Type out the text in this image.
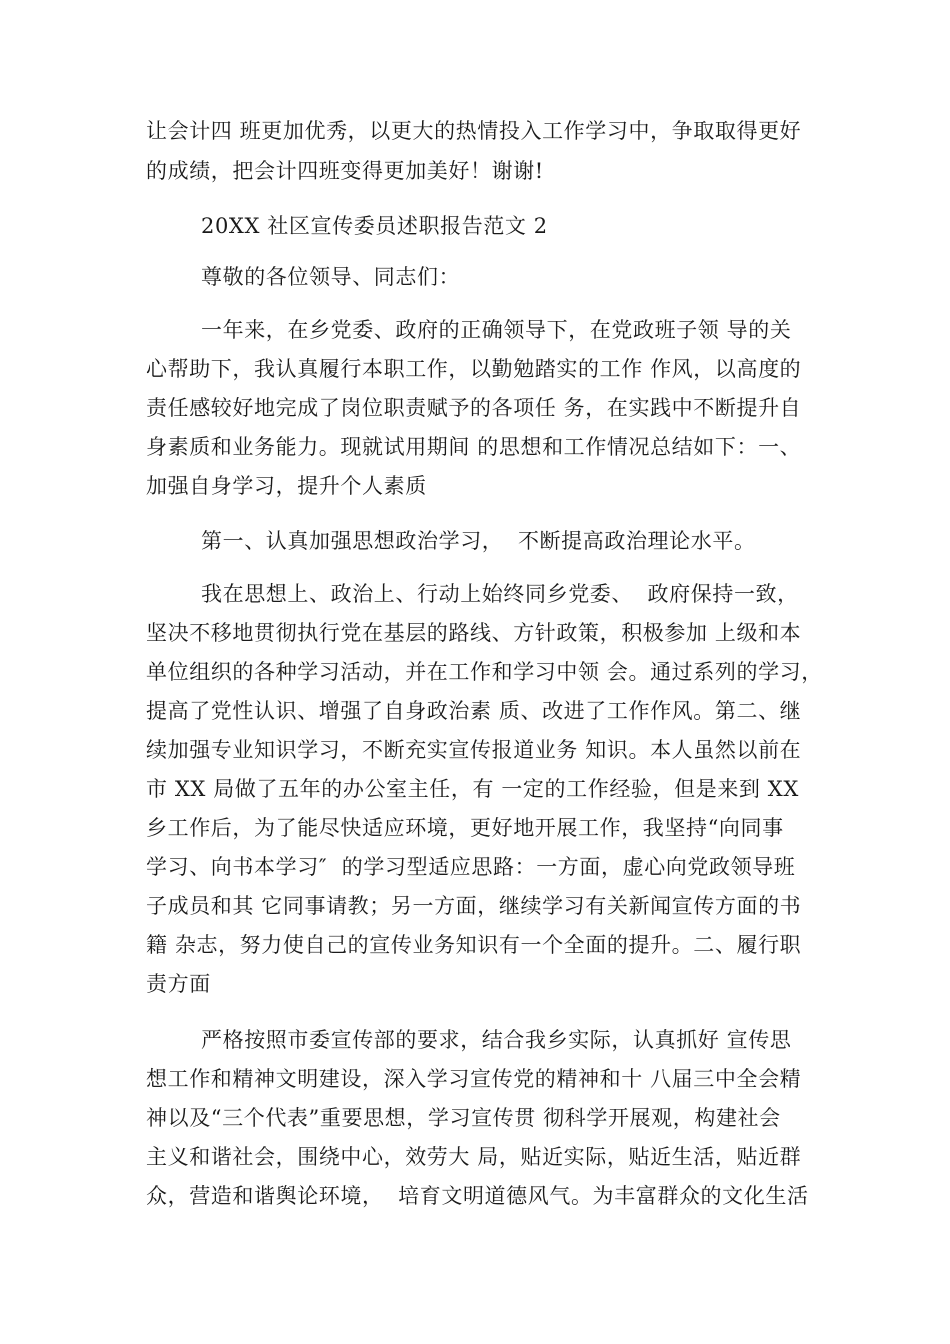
让会计四 班更加优秀，以更大的热情投入工作学习中，争取取得更好
的成绩，把会计四班变得更加美好！谢谢!
20XX 社区宣传委员述职报告范文 2
尊敬的各位领导、同志们：
一年来，在乡党委、政府的正确领导下，在党政班子领 导的关
心帮助下，我认真履行本职工作，以勤勉踏实的工作 作风，以高度的
责任感较好地完成了岗位职责赋予的各项任 务，在实践中不断提升自
身素质和业务能力。现就试用期间 的思想和工作情况总结如下：一、
加强自身学习，提升个人素质
第一、认真加强思想政治学习，  不断提高政治理论水平。
我在思想上、政治上、行动上始终同乡党委、  政府保持一致，
坚决不移地贯彻执行党在基层的路线、方针政策，积极参加 上级和本
单位组织的各种学习活动，并在工作和学习中领 会。通过系列的学习，
提高了党性认识、增强了自身政治素 质、改进了工作作风。第二、继
续加强专业知识学习，不断充实宣传报道业务 知识。本人虽然以前在
市 XX 局做了五年的办公室主任，有 一定的工作经验，但是来到 XX
乡工作后，为了能尽快适应环境，更好地开展工作，我坚持“向同事
学习、向书本学习″  的学习型适应思路：一方面，虚心向党政领导班
子成员和其 它同事请教；另一方面，继续学习有关新闻宣传方面的书
籍 杂志，努力使自己的宣传业务知识有一个全面的提升。二、履行职
责方面
严格按照市委宣传部的要求，结合我乡实际，认真抓好 宣传思
想工作和精神文明建设，深入学习宣传党的精神和十 八届三中全会精
神以及“三个代表”重要思想，学习宣传贯 彻科学开展观，构建社会
主义和谐社会，围绕中心，效劳大 局，贴近实际，贴近生活，贴近群
众，营造和谐舆论环境，  培育文明道德风气。为丰富群众的文化生活
